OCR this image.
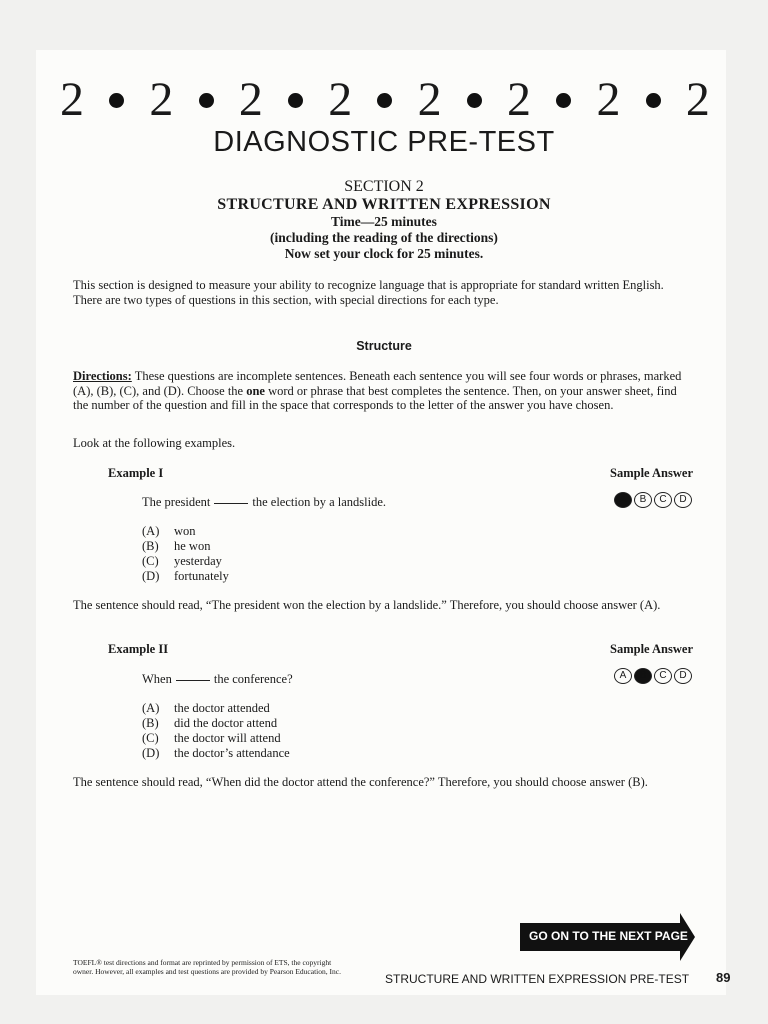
2 2 2 2 2 2 2 2
DIAGNOSTIC PRE-TEST
SECTION 2
STRUCTURE AND WRITTEN EXPRESSION
Time—25 minutes
(including the reading of the directions)
Now set your clock for 25 minutes.
This section is designed to measure your ability to recognize language that is appropriate for standard written English. There are two types of questions in this section, with special directions for each type.
Structure
Directions: These questions are incomplete sentences. Beneath each sentence you will see four words or phrases, marked (A), (B), (C), and (D). Choose the one word or phrase that best completes the sentence. Then, on your answer sheet, find the number of the question and fill in the space that corresponds to the letter of the answer you have chosen.
Look at the following examples.
Example I	Sample Answer
The president	the election by a landslide.	A	B	C	D
(A)	won
(B)	he won
(C)	yesterday
(D)	fortunately
The sentence should read, “The president won the election by a landslide.” Therefore, you should choose answer (A).
Example II	Sample Answer
When	the conference?	A	B	C	D
(A)	the doctor attended
(B)	did the doctor attend
(C)	the doctor will attend
(D)	the doctor’s attendance
The sentence should read, “When did the doctor attend the conference?” Therefore, you should choose answer (B).
GO ON TO THE NEXT PAGE
TOEFL® test directions and format are reprinted by permission of ETS, the copyright owner. However, all examples and test questions are provided by Pearson Education, Inc.
STRUCTURE AND WRITTEN EXPRESSION PRE-TEST 89
